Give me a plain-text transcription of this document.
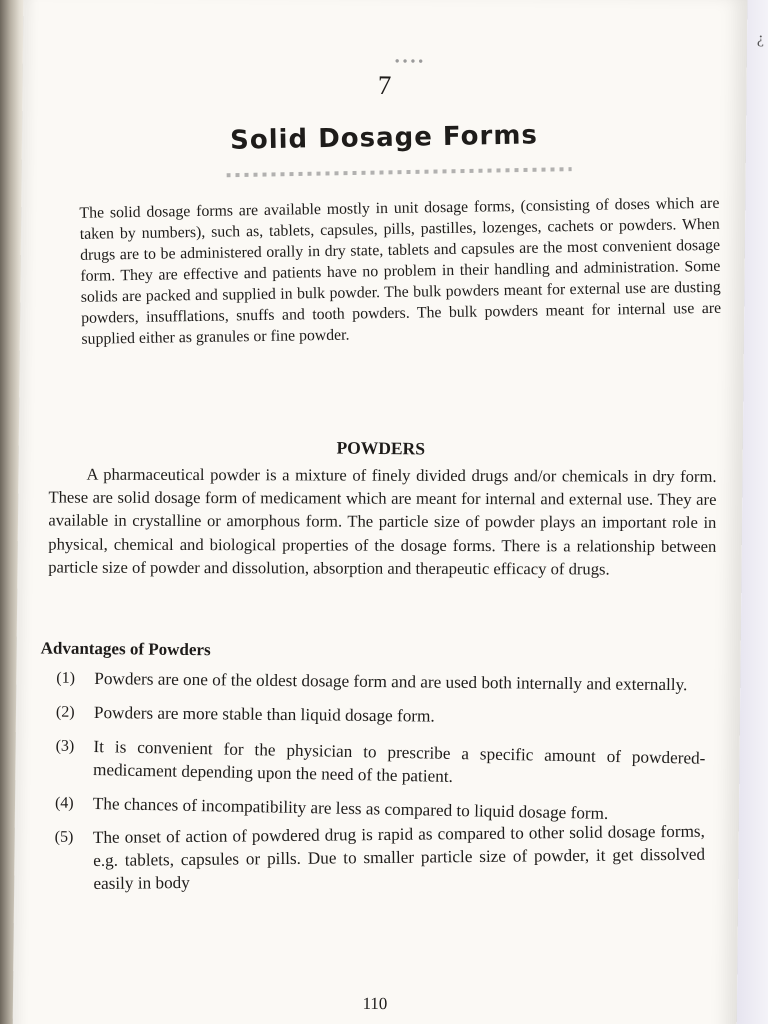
¿
●●●●
7
Solid Dosage Forms

The solid dosage forms are available mostly in unit dosage forms, (consisting of doses which are taken by numbers), such as, tablets, capsules, pills, pastilles, lozenges, cachets or powders. When drugs are to be administered orally in dry state, tablets and capsules are the most convenient dosage form. They are effective and patients have no problem in their handling and administration. Some solids are packed and supplied in bulk powder. The bulk powders meant for external use are dusting powders, insufflations, snuffs and tooth powders. The bulk powders meant for internal use are supplied either as granules or fine powder.

POWDERS

A pharmaceutical powder is a mixture of finely divided drugs and/or chemicals in dry form. These are solid dosage form of medicament which are meant for internal and external use. They are available in crystalline or amorphous form. The particle size of powder plays an important role in physical, chemical and biological properties of the dosage forms. There is a relationship between particle size of powder and dissolution, absorption and therapeutic efficacy of drugs.

Advantages of Powders
(1)	Powders are one of the oldest dosage form and are used both internally and externally.
(2)	Powders are more stable than liquid dosage form.
(3)	It is convenient for the physician to prescribe a specific amount of powdered-medicament depending upon the need of the patient.
(4)	The chances of incompatibility are less as compared to liquid dosage form.
(5)	The onset of action of powdered drug is rapid as compared to other solid dosage forms, e.g. tablets, capsules or pills. Due to smaller particle size of powder, it get dissolved easily in body
110
